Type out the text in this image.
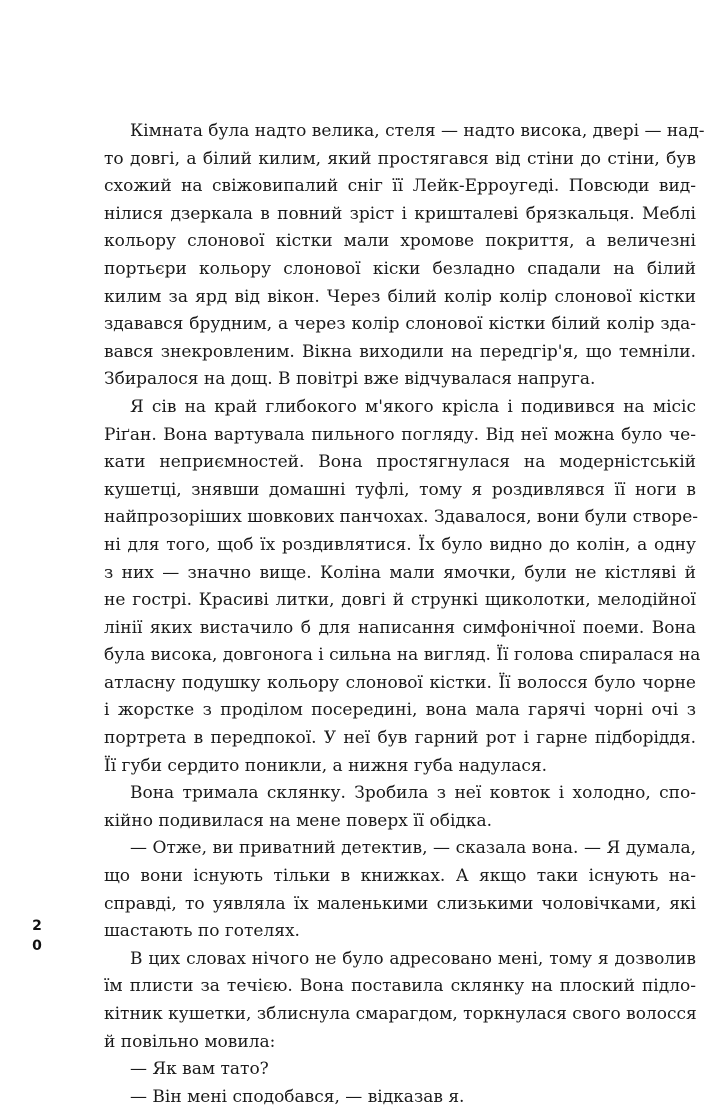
Кімната була надто велика, стеля — надто висока, двері — над-
то довгі, а білий килим, який простягався від стіни до стіни, був
схожий на свіжовипалий сніг її Лейк-Ерроугеді. Повсюди вид-
нілися дзеркала в повний зріст і кришталеві брязкальця. Меблі
кольору слонової кістки мали хромове покриття, а величезні
портьєри кольору слонової кіски безладно спадали на білий
килим за ярд від вікон. Через білий колір колір слонової кістки
здавався брудним, а через колір слонової кістки білий колір зда-
вався знекровленим. Вікна виходили на передгір'я, що темніли.
Збиралося на дощ. В повітрі вже відчувалася напруга.
Я сів на край глибокого м'якого крісла і подивився на місіс
Ріґан. Вона вартувала пильного погляду. Від неї можна було че-
кати неприємностей. Вона простягнулася на модерністській
кушетці, знявши домашні туфлі, тому я роздивлявся її ноги в
найпрозоріших шовкових панчохах. Здавалося, вони були створе-
ні для того, щоб їх роздивлятися. Їх було видно до колін, а одну
з них — значно вище. Коліна мали ямочки, були не кістляві й
не гострі. Красиві литки, довгі й стрункі щиколотки, мелодійної
лінії яких вистачило б для написання симфонічної поеми. Вона
була висока, довгонога і сильна на вигляд. Її голова спиралася на
атласну подушку кольору слонової кістки. Її волосся було чорне
і жорстке з проділом посередині, вона мала гарячі чорні очі з
портрета в передпокої. У неї був гарний рот і гарне підборіддя.
Її губи сердито поникли, а нижня губа надулася.
Вона тримала склянку. Зробила з неї ковток і холодно, спо-
кійно подивилася на мене поверх її обідка.
— Отже, ви приватний детектив, — сказала вона. — Я думала,
що вони існують тільки в книжках. А якщо таки існують на-
справді, то уявляла їх маленькими слизькими чоловічками, які
шастають по готелях.
В цих словах нічого не було адресовано мені, тому я дозволив
їм плисти за течією. Вона поставила склянку на плоский підло-
кітник кушетки, зблиснула смарагдом, торкнулася свого волосся
й повільно мовила:
— Як вам тато?
— Він мені сподобався, — відказав я.
2
0
